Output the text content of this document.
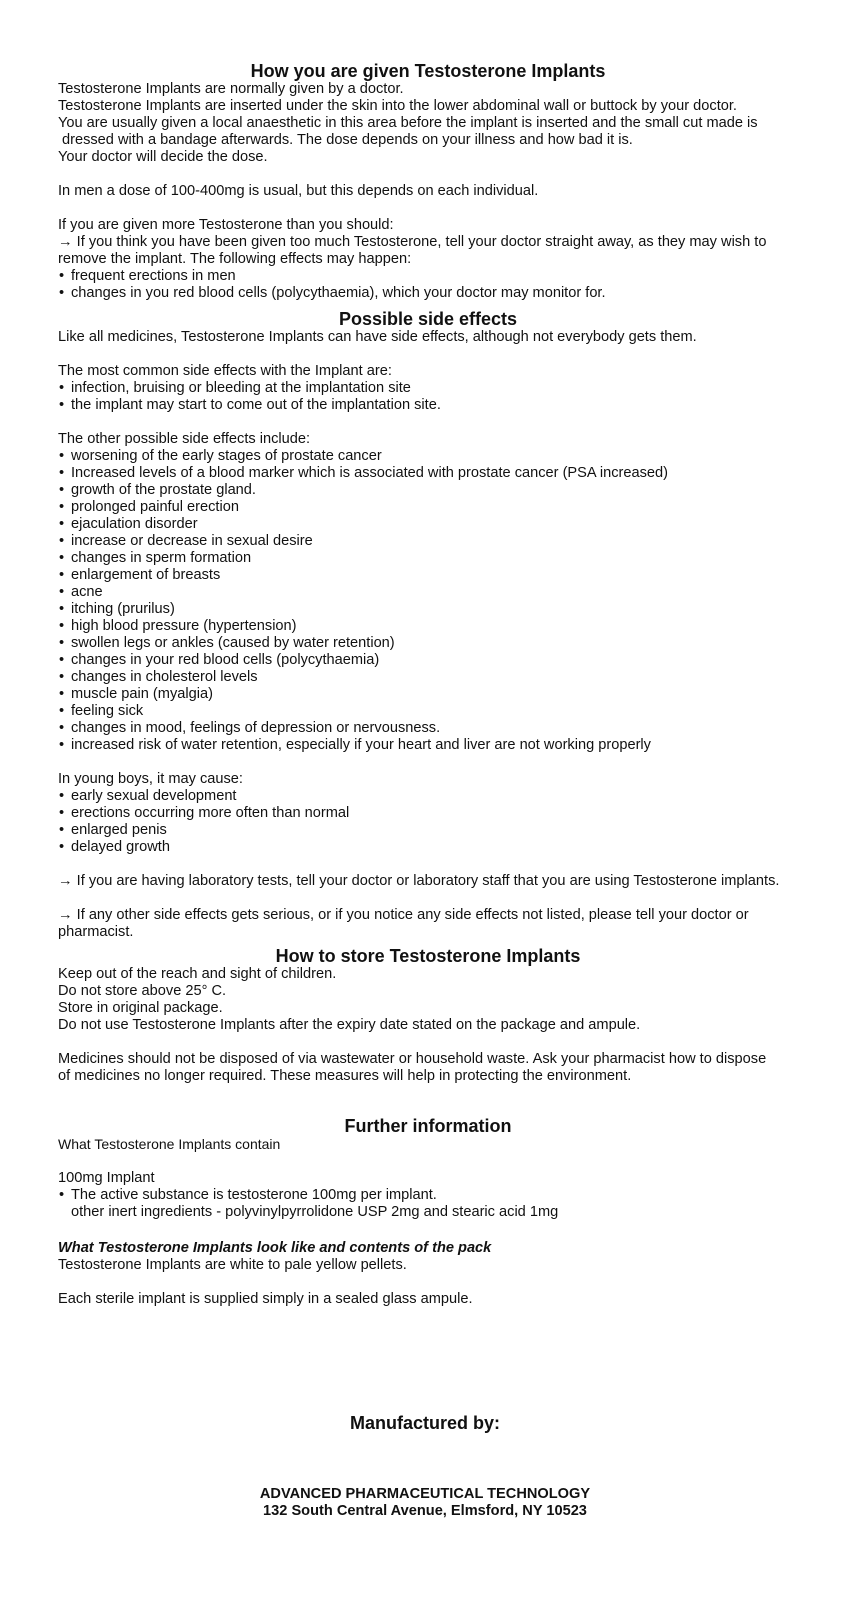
How you are given Testosterone Implants

Testosterone Implants are normally given by a doctor.

Testosterone Implants are inserted under the skin into the lower abdominal wall or buttock by your doctor.

You are usually given a local anaesthetic in this area before the implant is inserted and the small cut made is

dressed with a bandage afterwards. The dose depends on your illness and how bad it is.

Your doctor will decide the dose.

In men a dose of 100-400mg is usual, but this depends on each individual.

If you are given more Testosterone than you should:

→ If you think you have been given too much Testosterone, tell your doctor straight away, as they may wish to

remove the implant. The following effects may happen:

• frequent erections in men
• changes in you red blood cells (polycythaemia), which your doctor may monitor for.
Possible side effects

Like all medicines, Testosterone Implants can have side effects, although not everybody gets them.

The most common side effects with the Implant are:

• infection, bruising or bleeding at the implantation site
• the implant may start to come out of the implantation site.

The other possible side effects include:

• worsening of the early stages of prostate cancer
• Increased levels of a blood marker which is associated with prostate cancer (PSA increased)
• growth of the prostate gland.
• prolonged painful erection
• ejaculation disorder
• increase or decrease in sexual desire
• changes in sperm formation
• enlargement of breasts
• acne
• itching (prurilus)
• high blood pressure (hypertension)
• swollen legs or ankles (caused by water retention)
• changes in your red blood cells (polycythaemia)
• changes in cholesterol levels
• muscle pain (myalgia)
• feeling sick
• changes in mood, feelings of depression or nervousness.
• increased risk of water retention, especially if your heart and liver are not working properly

In young boys, it may cause:

• early sexual development
• erections occurring more often than normal
• enlarged penis
• delayed growth

→ If you are having laboratory tests, tell your doctor or laboratory staff that you are using Testosterone implants.

→ If any other side effects gets serious, or if you notice any side effects not listed, please tell your doctor or

pharmacist.

How to store Testosterone Implants

Keep out of the reach and sight of children.

Do not store above 25° C.

Store in original package.

Do not use Testosterone Implants after the expiry date stated on the package and ampule.

Medicines should not be disposed of via wastewater or household waste. Ask your pharmacist how to dispose

of medicines no longer required. These measures will help in protecting the environment.

Further information

What Testosterone Implants contain

100mg Implant

• The active substance is testosterone 100mg per implant.

other inert ingredients - polyvinylpyrrolidone USP 2mg and stearic acid 1mg

What Testosterone Implants look like and contents of the pack

Testosterone Implants are white to pale yellow pellets.

Each sterile implant is supplied simply in a sealed glass ampule.

Manufactured by:

ADVANCED PHARMACEUTICAL TECHNOLOGY

132 South Central Avenue, Elmsford, NY 10523
